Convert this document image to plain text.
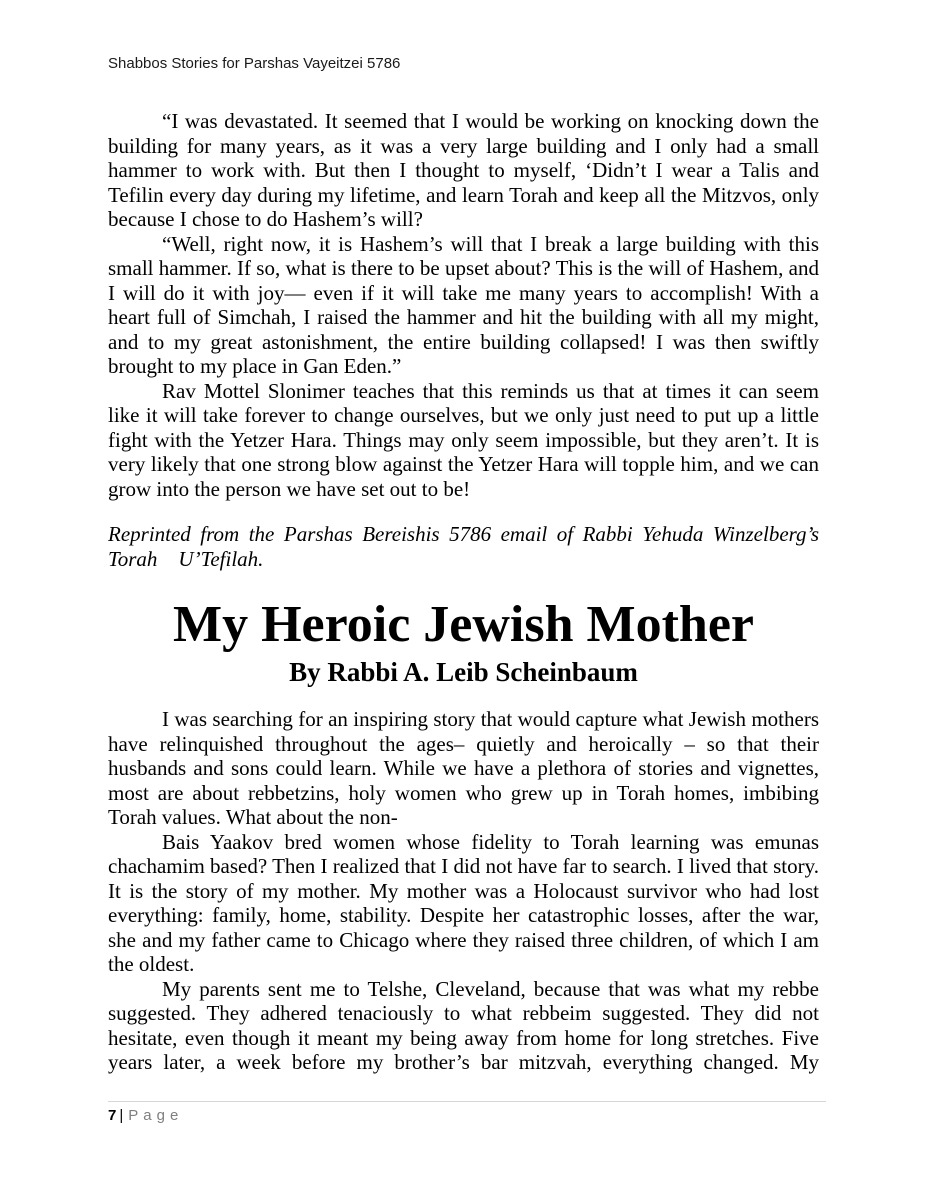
Shabbos Stories for Parshas Vayeitzei 5786

“I was devastated. It seemed that I would be working on knocking down the building for many years, as it was a very large building and I only had a small hammer to work with. But then I thought to myself, ‘Didn’t I wear a Talis and Tefilin every day during my lifetime, and learn Torah and keep all the Mitzvos, only because I chose to do Hashem’s will?

“Well, right now, it is Hashem’s will that I break a large building with this small hammer. If so, what is there to be upset about? This is the will of Hashem, and I will do it with joy— even if it will take me many years to accomplish! With a heart full of Simchah, I raised the hammer and hit the building with all my might, and to my great astonishment, the entire building collapsed! I was then swiftly brought to my place in Gan Eden.”

Rav Mottel Slonimer teaches that this reminds us that at times it can seem like it will take forever to change ourselves, but we only just need to put up a little fight with the Yetzer Hara. Things may only seem impossible, but they aren’t. It is very likely that one strong blow against the Yetzer Hara will topple him, and we can grow into the person we have set out to be!

Reprinted from the Parshas Bereishis 5786 email of Rabbi Yehuda Winzelberg’s Torah U’Tefilah.

My Heroic Jewish Mother
By Rabbi A. Leib Scheinbaum

I was searching for an inspiring story that would capture what Jewish mothers have relinquished throughout the ages– quietly and heroically – so that their husbands and sons could learn. While we have a plethora of stories and vignettes, most are about rebbetzins, holy women who grew up in Torah homes, imbibing Torah values. What about the non-

Bais Yaakov bred women whose fidelity to Torah learning was emunas chachamim based? Then I realized that I did not have far to search. I lived that story. It is the story of my mother. My mother was a Holocaust survivor who had lost everything: family, home, stability. Despite her catastrophic losses, after the war, she and my father came to Chicago where they raised three children, of which I am the oldest.

My parents sent me to Telshe, Cleveland, because that was what my rebbe suggested. They adhered tenaciously to what rebbeim suggested. They did not hesitate, even though it meant my being away from home for long stretches. Five years later, a week before my brother’s bar mitzvah, everything changed. My

7 | Page
